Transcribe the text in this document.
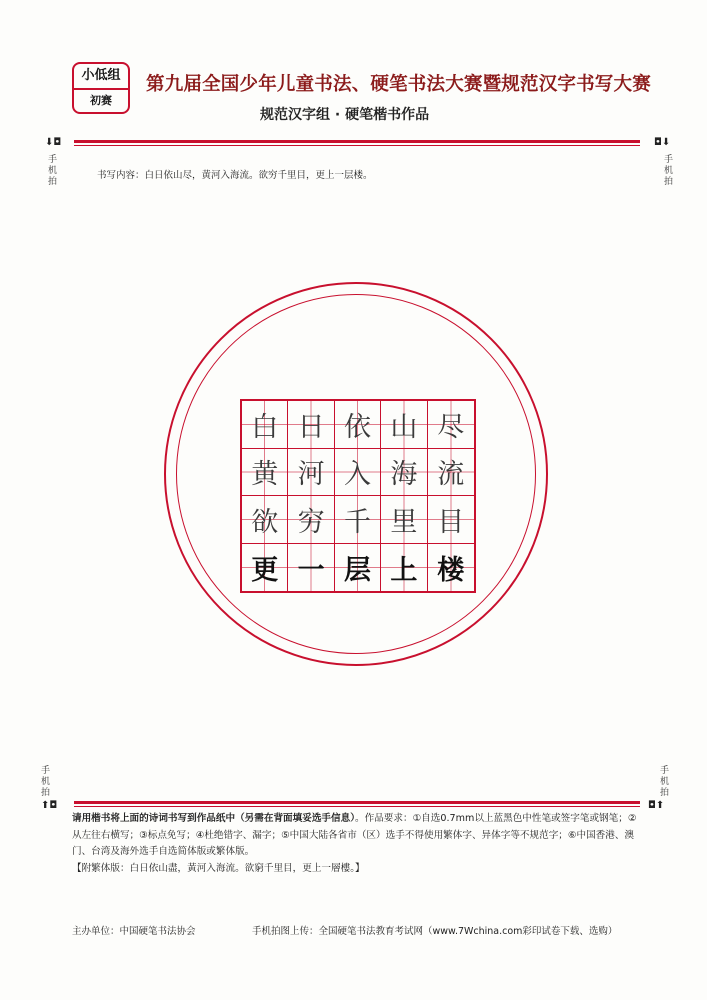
小低组
初赛
第九届全国少年儿童书法、硬笔书法大赛暨规范汉字书写大赛
规范汉字组 · 硬笔楷书作品
⬇◘	◘⬇
手机拍	手机拍
书写内容：白日依山尽，黄河入海流。欲穷千里目，更上一层楼。
白 日 依 山 尽
黄 河 入 海 流
欲 穷 千 里 目
更 一 层 上 楼
手机拍	手机拍
⬆◘	◘⬆
请用楷书将上面的诗词书写到作品纸中（另需在背面填妥选手信息）。作品要求：①自选0.7mm以上蓝黑色中性笔或签字笔或钢笔；②从左往右横写；③标点免写；④杜绝错字、漏字；⑤中国大陆各省市（区）选手不得使用繁体字、异体字等不规范字；⑥中国香港、澳门、台湾及海外选手自选简体版或繁体版。
【附繁体版：白日依山盡，黃河入海流。欲窮千里目，更上一層樓。】
主办单位：中国硬笔书法协会	手机拍图上传：全国硬笔书法教育考试网（www.7Wchina.com彩印试卷下载、选购）
